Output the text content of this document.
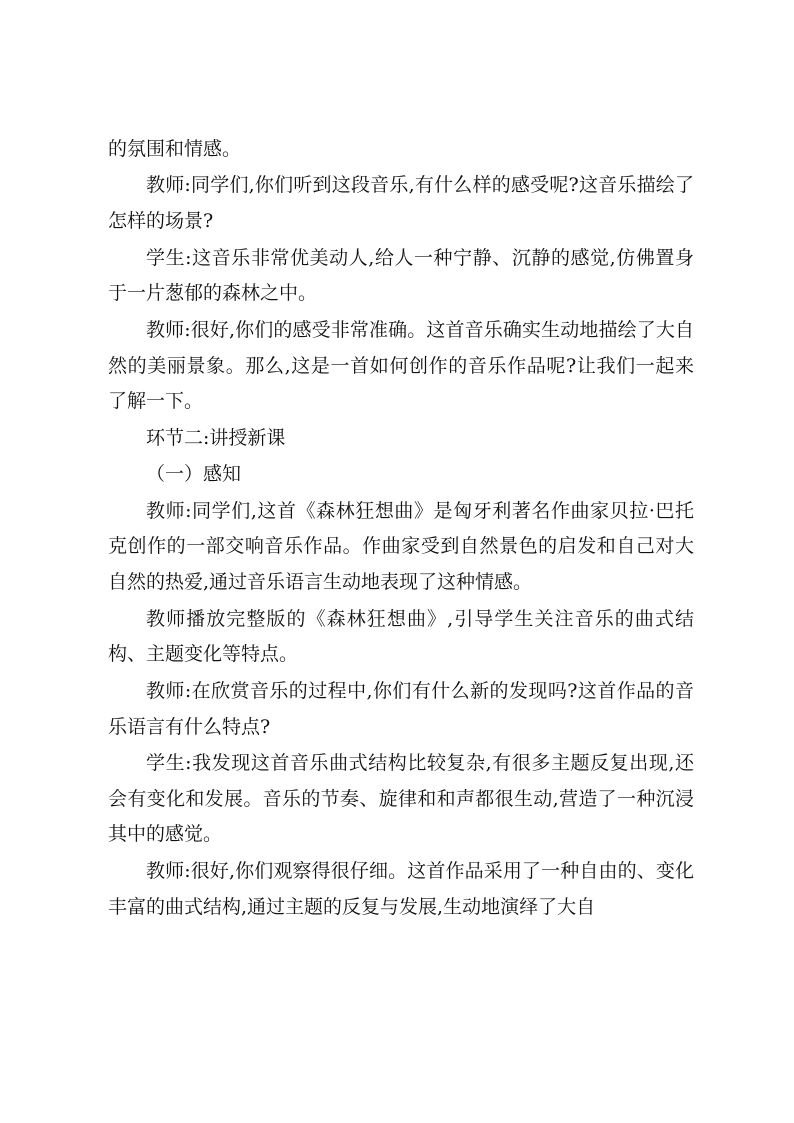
的氛围和情感。

教师:同学们,你们听到这段音乐,有什么样的感受呢?这音乐描绘了怎样的场景?

学生:这音乐非常优美动人,给人一种宁静、沉静的感觉,仿佛置身于一片葱郁的森林之中。

教师:很好,你们的感受非常准确。这首音乐确实生动地描绘了大自然的美丽景象。那么,这是一首如何创作的音乐作品呢?让我们一起来了解一下。

环节二:讲授新课

（一）感知

教师:同学们,这首《森林狂想曲》是匈牙利著名作曲家贝拉·巴托克创作的一部交响音乐作品。作曲家受到自然景色的启发和自己对大自然的热爱,通过音乐语言生动地表现了这种情感。

教师播放完整版的《森林狂想曲》,引导学生关注音乐的曲式结构、主题变化等特点。

教师:在欣赏音乐的过程中,你们有什么新的发现吗?这首作品的音乐语言有什么特点?

学生:我发现这首音乐曲式结构比较复杂,有很多主题反复出现,还会有变化和发展。音乐的节奏、旋律和和声都很生动,营造了一种沉浸其中的感觉。

教师:很好,你们观察得很仔细。这首作品采用了一种自由的、变化丰富的曲式结构,通过主题的反复与发展,生动地演绎了大自
